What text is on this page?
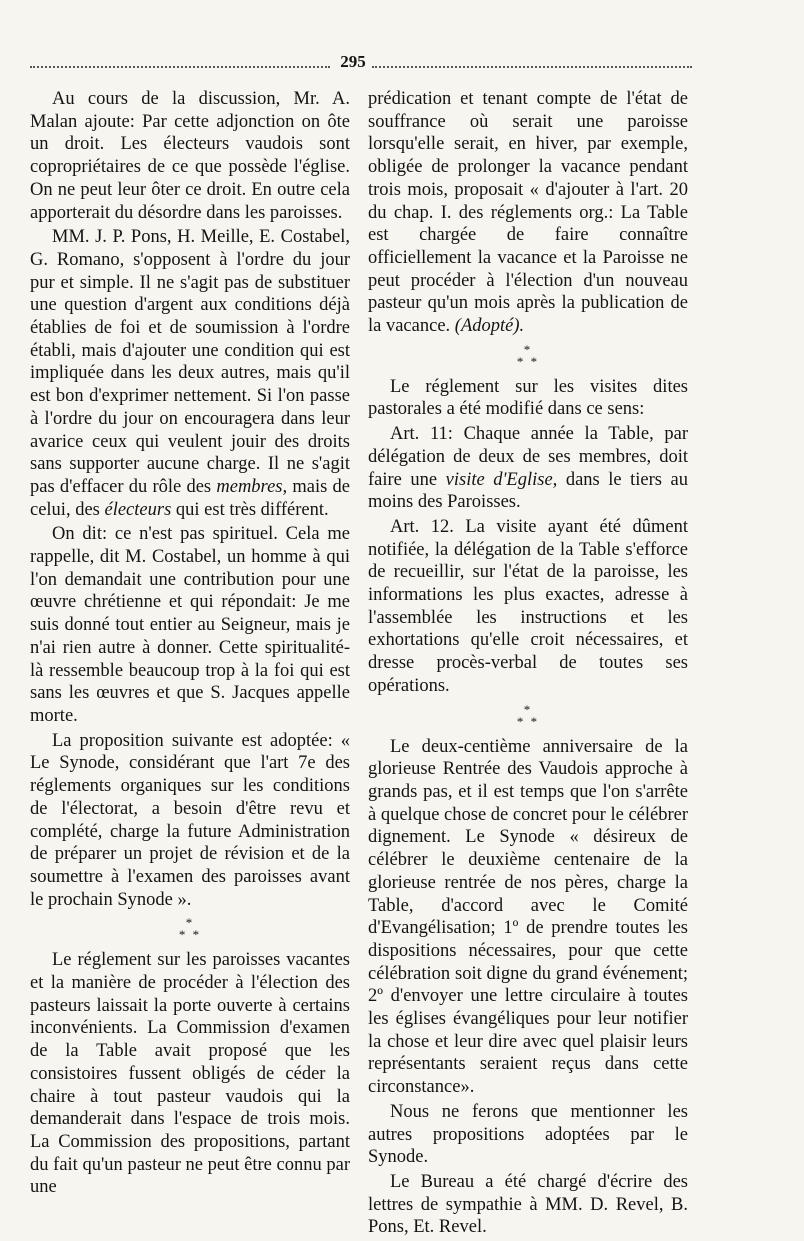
295

Au cours de la discussion, Mr. A. Malan ajoute: Par cette adjonction on ôte un droit. Les électeurs vaudois sont copropriétaires de ce que possède l'église. On ne peut leur ôter ce droit. En outre cela apporterait du désordre dans les paroisses.

MM. J. P. Pons, H. Meille, E. Costabel, G. Romano, s'opposent à l'ordre du jour pur et simple. Il ne s'agit pas de substituer une question d'argent aux conditions déjà établies de foi et de soumission à l'ordre établi, mais d'ajouter une condition qui est impliquée dans les deux autres, mais qu'il est bon d'exprimer nettement. Si l'on passe à l'ordre du jour on encouragera dans leur avarice ceux qui veulent jouir des droits sans supporter aucune charge. Il ne s'agit pas d'effacer du rôle des membres, mais de celui, des électeurs qui est très différent.

On dit: ce n'est pas spirituel. Cela me rappelle, dit M. Costabel, un homme à qui l'on demandait une contribution pour une œuvre chrétienne et qui répondait: Je me suis donné tout entier au Seigneur, mais je n'ai rien autre à donner. Cette spiritualité-là ressemble beaucoup trop à la foi qui est sans les œuvres et que S. Jacques appelle morte.

La proposition suivante est adoptée: « Le Synode, considérant que l'art 7e des réglements organiques sur les conditions de l'électorat, a besoin d'être revu et complété, charge la future Administration de préparer un projet de révision et de la soumettre à l'examen des paroisses avant le prochain Synode ».

*
* *

Le réglement sur les paroisses vacantes et la manière de procéder à l'élection des pasteurs laissait la porte ouverte à certains inconvénients. La Commission d'examen de la Table avait proposé que les consistoires fussent obligés de céder la chaire à tout pasteur vaudois qui la demanderait dans l'espace de trois mois. La Commission des propositions, partant du fait qu'un pasteur ne peut être connu par une

prédication et tenant compte de l'état de souffrance où serait une paroisse lorsqu'elle serait, en hiver, par exemple, obligée de prolonger la vacance pendant trois mois, proposait « d'ajouter à l'art. 20 du chap. I. des réglements org.: La Table est chargée de faire connaître officiellement la vacance et la Paroisse ne peut procéder à l'élection d'un nouveau pasteur qu'un mois après la publication de la vacance. (Adopté).

*
* *

Le réglement sur les visites dites pastorales a été modifié dans ce sens:

Art. 11: Chaque année la Table, par délégation de deux de ses membres, doit faire une visite d'Eglise, dans le tiers au moins des Paroisses.

Art. 12. La visite ayant été dûment notifiée, la délégation de la Table s'efforce de recueillir, sur l'état de la paroisse, les informations les plus exactes, adresse à l'assemblée les instructions et les exhortations qu'elle croit nécessaires, et dresse procès-verbal de toutes ses opérations.

*
* *

Le deux-centième anniversaire de la glorieuse Rentrée des Vaudois approche à grands pas, et il est temps que l'on s'arrête à quelque chose de concret pour le célébrer dignement. Le Synode « désireux de célébrer le deuxième centenaire de la glorieuse rentrée de nos pères, charge la Table, d'accord avec le Comité d'Evangélisation; 1º de prendre toutes les dispositions nécessaires, pour que cette célébration soit digne du grand événement; 2º d'envoyer une lettre circulaire à toutes les églises évangéliques pour leur notifier la chose et leur dire avec quel plaisir leurs représentants seraient reçus dans cette circonstance».

Nous ne ferons que mentionner les autres propositions adoptées par le Synode.

Le Bureau a été chargé d'écrire des lettres de sympathie à MM. D. Revel, B. Pons, Et. Revel.
